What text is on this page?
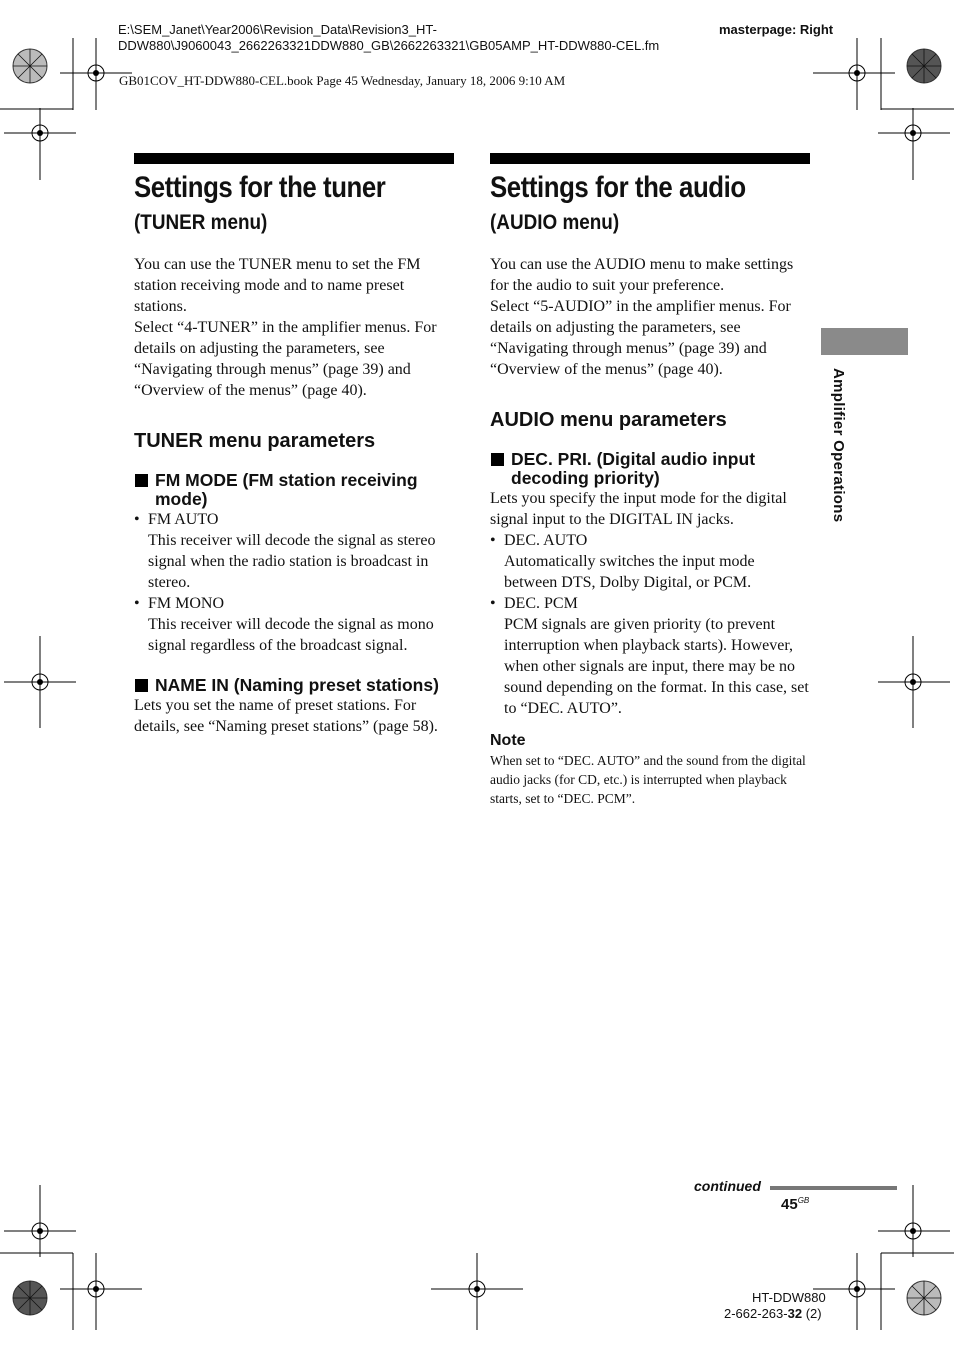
E:\SEM_Janet\Year2006\Revision_Data\Revision3_HT-
DDW880\J9060043_2662263321DDW880_GB\2662263321\GB05AMP_HT-DDW880-CEL.fm
masterpage: Right
GB01COV_HT-DDW880-CEL.book Page 45 Wednesday, January 18, 2006 9:10 AM
Settings for the tuner
(TUNER menu)
You can use the TUNER menu to set the FM station receiving mode and to name preset stations.
Select “4-TUNER” in the amplifier menus. For details on adjusting the parameters, see “Navigating through menus” (page 39) and “Overview of the menus” (page 40).
TUNER menu parameters
FM MODE (FM station receiving mode)
• FM AUTO
This receiver will decode the signal as stereo signal when the radio station is broadcast in stereo.
• FM MONO
This receiver will decode the signal as mono signal regardless of the broadcast signal.
NAME IN (Naming preset stations)
Lets you set the name of preset stations. For details, see “Naming preset stations” (page 58).
Settings for the audio
(AUDIO menu)
You can use the AUDIO menu to make settings for the audio to suit your preference.
Select “5-AUDIO” in the amplifier menus. For details on adjusting the parameters, see “Navigating through menus” (page 39) and “Overview of the menus” (page 40).
AUDIO menu parameters
DEC. PRI. (Digital audio input decoding priority)
Lets you specify the input mode for the digital signal input to the DIGITAL IN jacks.
• DEC. AUTO
Automatically switches the input mode between DTS, Dolby Digital, or PCM.
• DEC. PCM
PCM signals are given priority (to prevent interruption when playback starts). However, when other signals are input, there may be no sound depending on the format. In this case, set to “DEC. AUTO”.
Note
When set to “DEC. AUTO” and the sound from the digital audio jacks (for CD, etc.) is interrupted when playback starts, set to “DEC. PCM”.
Amplifier Operations
continued
$45^{GB}$
HT-DDW880
2-662-263-32 (2)
